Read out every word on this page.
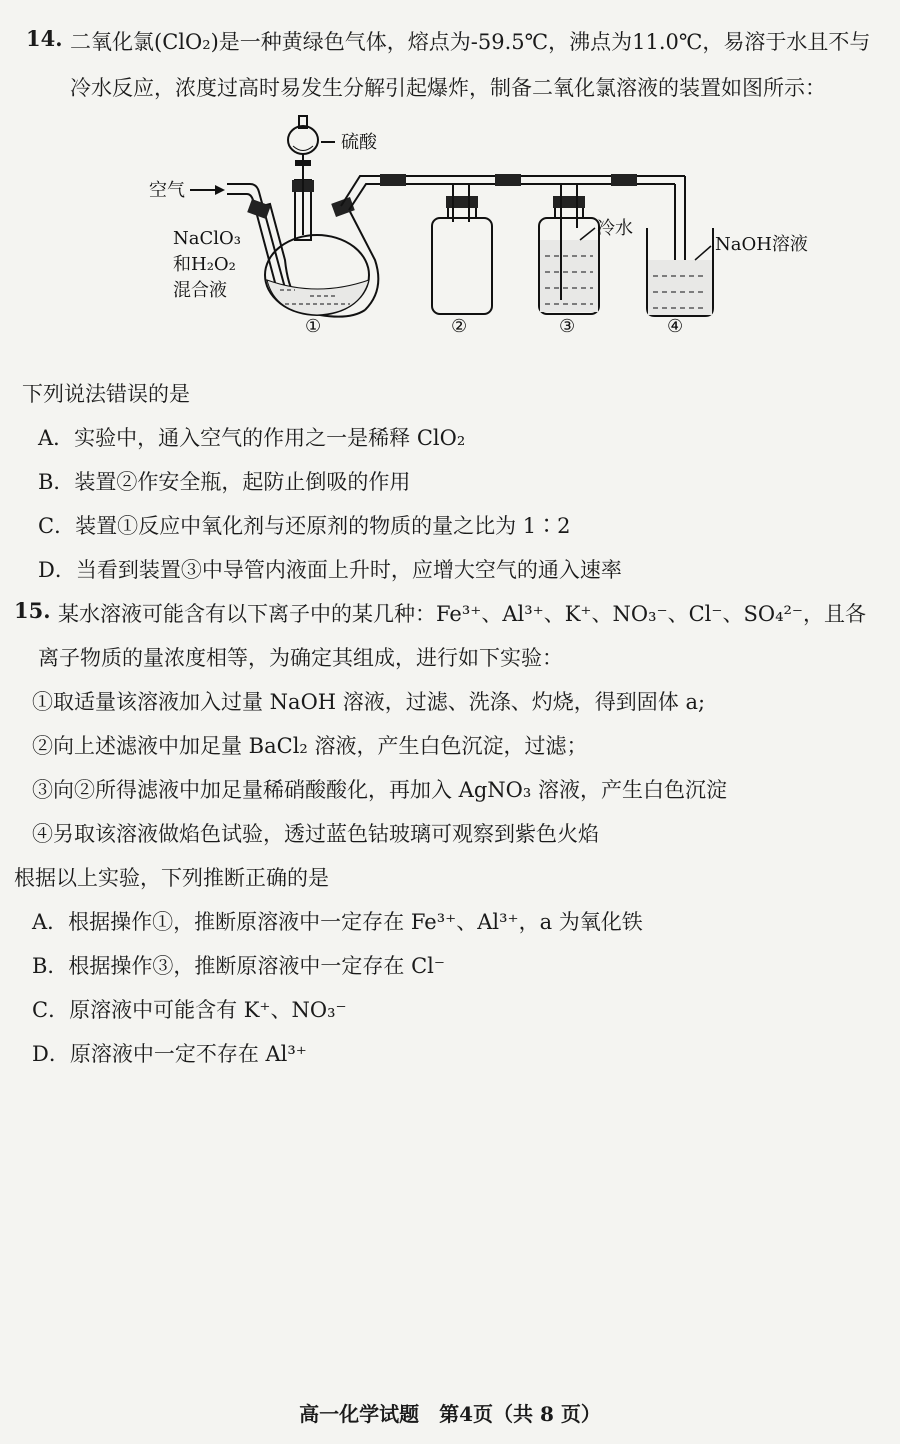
14. 二氧化氯(ClO₂)是一种黄绿色气体，熔点为-59.5℃，沸点为11.0℃，易溶于水且不与
冷水反应，浓度过高时易发生分解引起爆炸，制备二氧化氯溶液的装置如图所示：
空气
硫酸
NaClO₃
和H₂O₂
混合液
冷水
NaOH溶液
①	②	③	④
下列说法错误的是
A．实验中，通入空气的作用之一是稀释 ClO₂
B．装置②作安全瓶，起防止倒吸的作用
C．装置①反应中氧化剂与还原剂的物质的量之比为 1∶2
D．当看到装置③中导管内液面上升时，应增大空气的通入速率
15. 某水溶液可能含有以下离子中的某几种：Fe³⁺、Al³⁺、K⁺、NO₃⁻、Cl⁻、SO₄²⁻，且各
离子物质的量浓度相等，为确定其组成，进行如下实验：
①取适量该溶液加入过量 NaOH 溶液，过滤、洗涤、灼烧，得到固体 a;
②向上述滤液中加足量 BaCl₂ 溶液，产生白色沉淀，过滤；
③向②所得滤液中加足量稀硝酸酸化，再加入 AgNO₃ 溶液，产生白色沉淀
④另取该溶液做焰色试验，透过蓝色钴玻璃可观察到紫色火焰
根据以上实验，下列推断正确的是
A．根据操作①，推断原溶液中一定存在 Fe³⁺、Al³⁺，a 为氧化铁
B．根据操作③，推断原溶液中一定存在 Cl⁻
C．原溶液中可能含有 K⁺、NO₃⁻
D．原溶液中一定不存在 Al³⁺
高一化学试题　第4页（共 8 页）
